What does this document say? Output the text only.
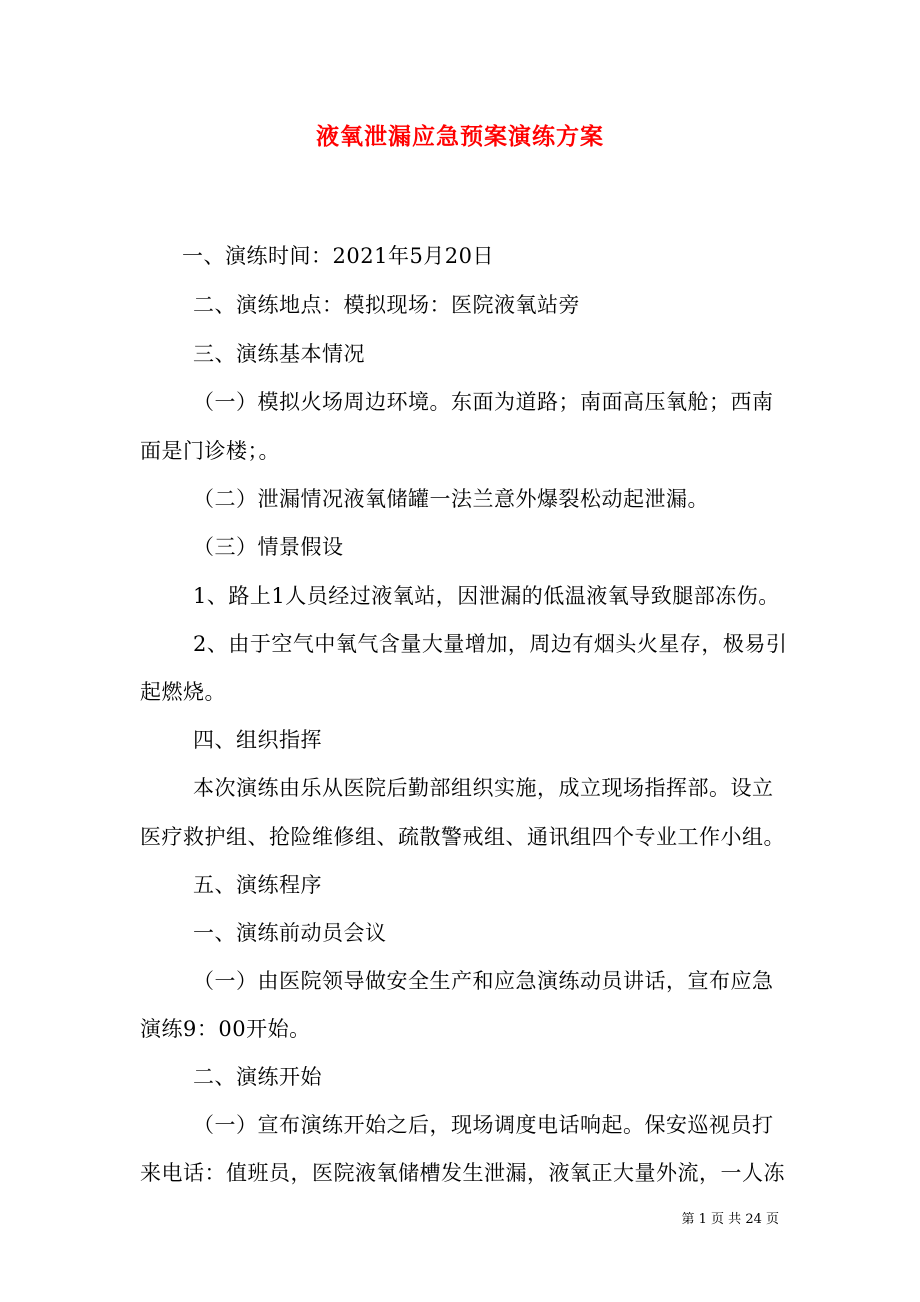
液氧泄漏应急预案演练方案
一、演练时间：2021年5月20日
二、演练地点：模拟现场：医院液氧站旁
三、演练基本情况
（一）模拟火场周边环境。东面为道路；南面高压氧舱；西南
面是门诊楼；。
（二）泄漏情况液氧储罐一法兰意外爆裂松动起泄漏。
（三）情景假设
1、路上1人员经过液氧站，因泄漏的低温液氧导致腿部冻伤。
2、由于空气中氧气含量大量增加，周边有烟头火星存，极易引
起燃烧。
四、组织指挥
本次演练由乐从医院后勤部组织实施，成立现场指挥部。设立
医疗救护组、抢险维修组、疏散警戒组、通讯组四个专业工作小组。
五、演练程序
一、演练前动员会议
（一）由医院领导做安全生产和应急演练动员讲话，宣布应急
演练9：00开始。
二、演练开始
（一）宣布演练开始之后，现场调度电话响起。保安巡视员打
来电话：值班员，医院液氧储槽发生泄漏，液氧正大量外流，一人冻
第 1 页 共 24 页
